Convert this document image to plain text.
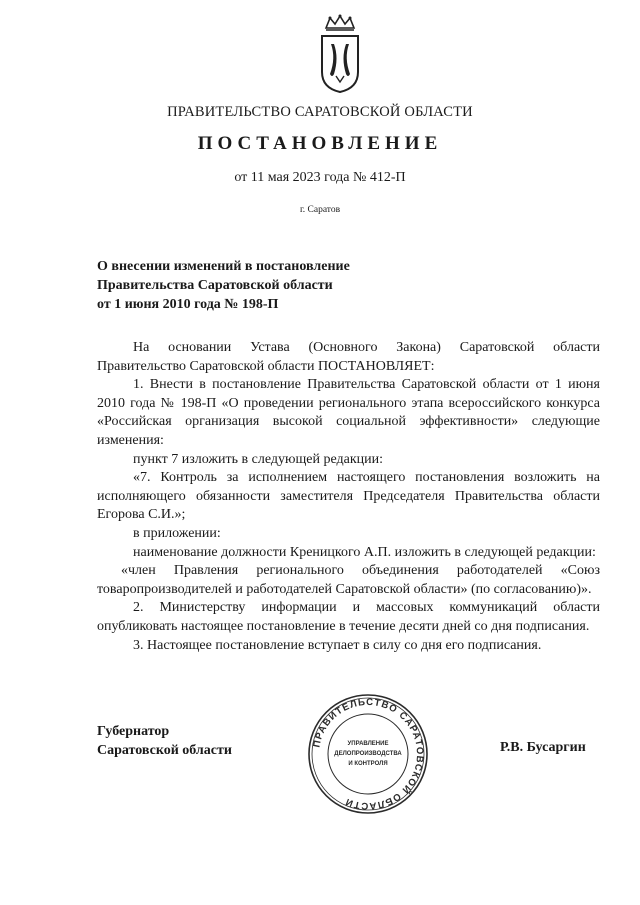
ПРАВИТЕЛЬСТВО САРАТОВСКОЙ ОБЛАСТИ
ПОСТАНОВЛЕНИЕ
от 11 мая 2023 года № 412-П
г. Саратов
О внесении изменений в постановление
Правительства Саратовской области
от 1 июня 2010 года № 198-П

На основании Устава (Основного Закона) Саратовской области Правительство Саратовской области ПОСТАНОВЛЯЕТ:

1. Внести в постановление Правительства Саратовской области от 1 июня 2010 года № 198-П «О проведении регионального этапа всероссийского конкурса «Российская организация высокой социальной эффективности» следующие изменения:

пункт 7 изложить в следующей редакции:

«7. Контроль за исполнением настоящего постановления возложить на исполняющего обязанности заместителя Председателя Правительства области Егорова С.И.»;

в приложении:

наименование должности Креницкого А.П. изложить в следующей редакции:

«член Правления регионального объединения работодателей «Союз товаропроизводителей и работодателей Саратовской области» (по согласованию)».

2. Министерству информации и массовых коммуникаций области опубликовать настоящее постановление в течение десяти дней со дня подписания.

3. Настоящее постановление вступает в силу со дня его подписания.

Губернатор
Саратовской области	ПРАВИТЕЛЬСТВО САРАТОВСКОЙ ОБЛАСТИ
УПРАВЛЕНИЕ
ДЕЛОПРОИЗВОДСТВА
И КОНТРОЛЯ
Р.В. Бусаргин
